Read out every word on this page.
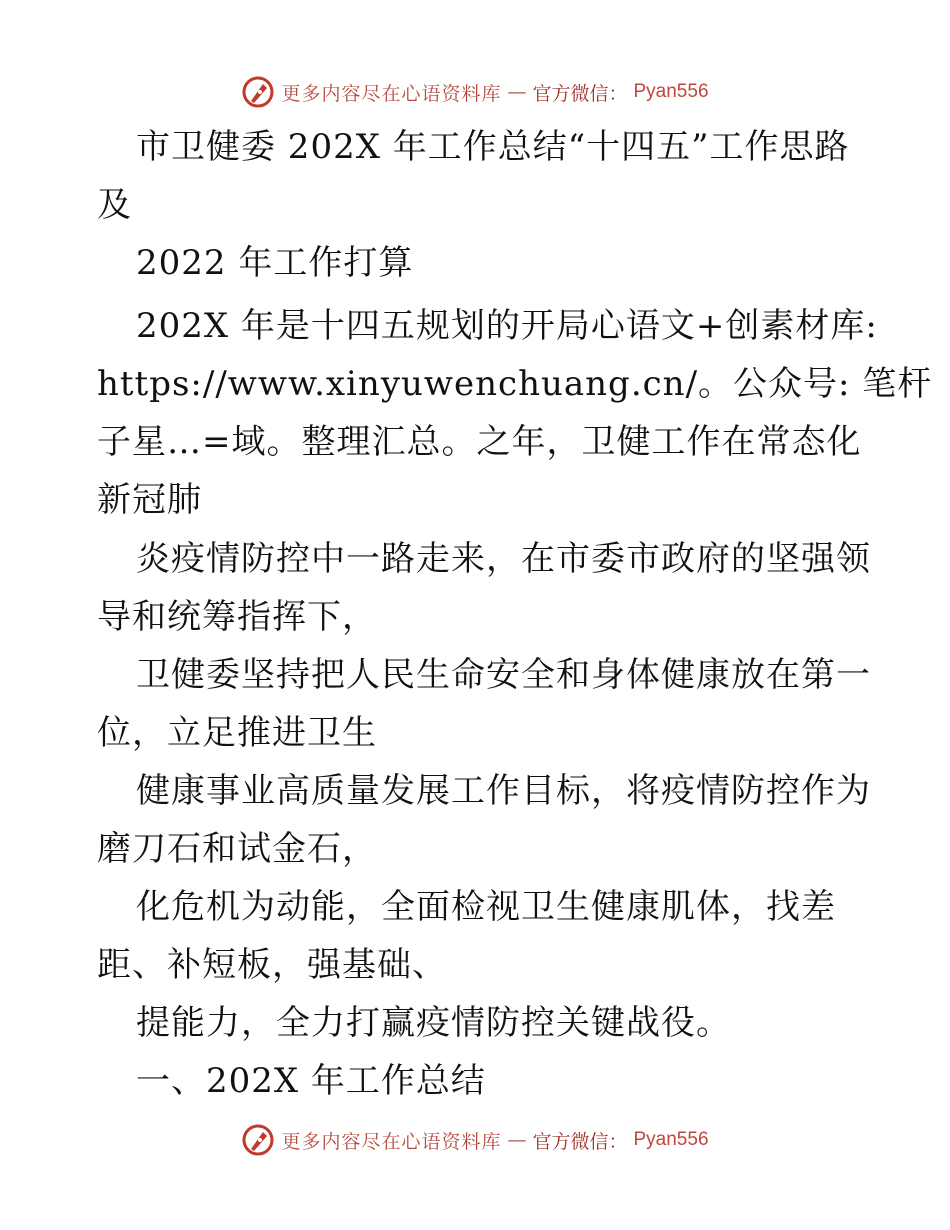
更多内容尽在心语资料库 — 官方微信： Pyan556
市卫健委 202X 年工作总结“十四五”工作思路
及
2022 年工作打算
202X 年是十四五规划的开局心语文+创素材库:
https://www.xinyuwenchuang.cn/。公众号: 笔杆
子星…=域。整理汇总。之年，卫健工作在常态化
新冠肺
炎疫情防控中一路走来，在市委市政府的坚强领
导和统筹指挥下，
卫健委坚持把人民生命安全和身体健康放在第一
位，立足推进卫生
健康事业高质量发展工作目标，将疫情防控作为
磨刀石和试金石，
化危机为动能，全面检视卫生健康肌体，找差
距、补短板，强基础、
提能力，全力打赢疫情防控关键战役。
一、202X 年工作总结
更多内容尽在心语资料库 — 官方微信： Pyan556
